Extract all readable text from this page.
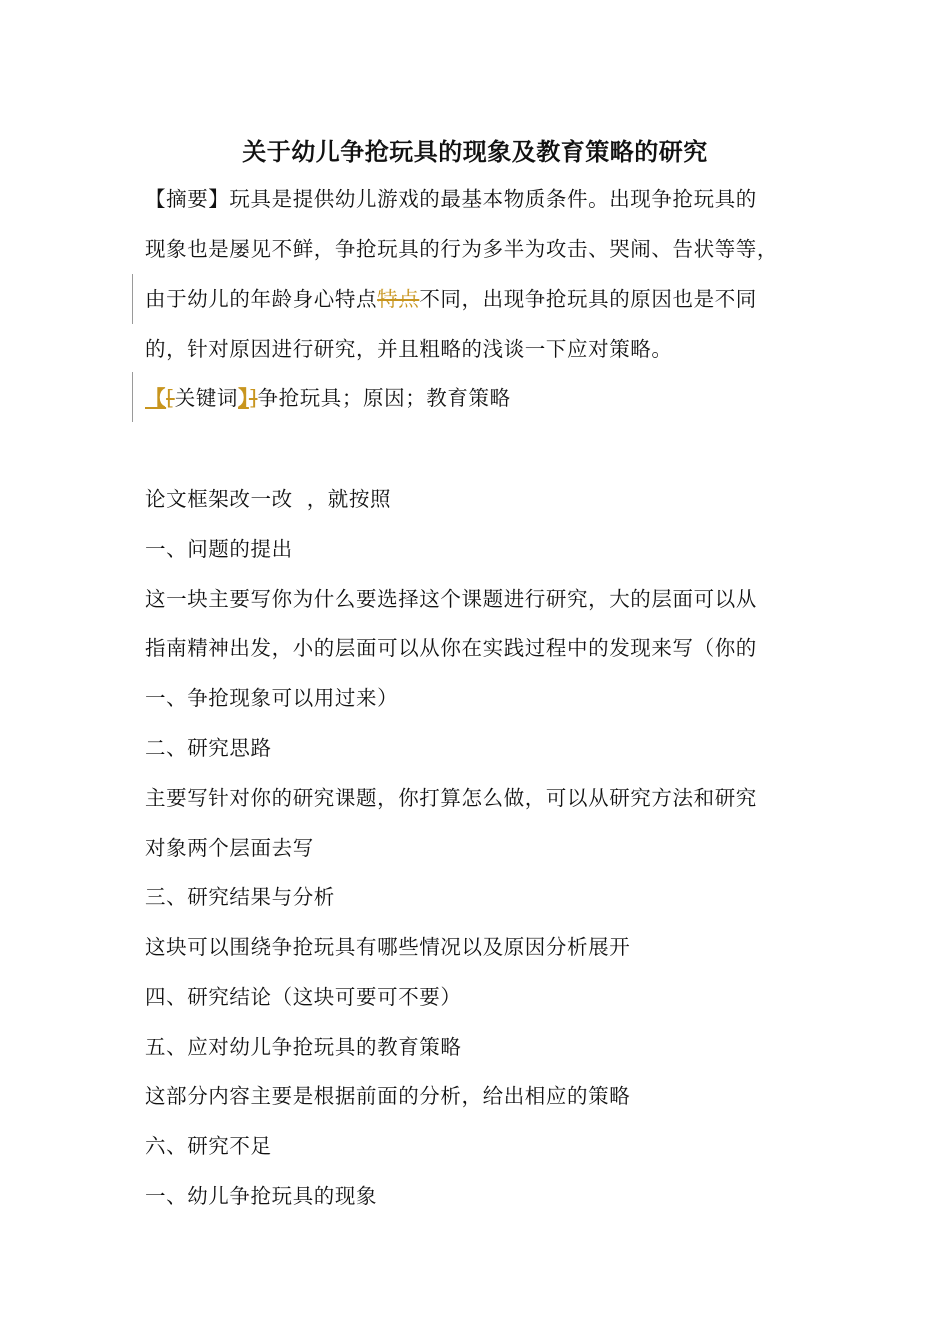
关于幼儿争抢玩具的现象及教育策略的研究
【摘要】玩具是提供幼儿游戏的最基本物质条件。出现争抢玩具的
现象也是屡见不鲜，争抢玩具的行为多半为攻击、哭闹、告状等等，
由于幼儿的年龄身心特点特点不同，出现争抢玩具的原因也是不同
的，针对原因进行研究，并且粗略的浅谈一下应对策略。
【[关键词】]争抢玩具；原因；教育策略
论文框架改一改 ，就按照
一、问题的提出
这一块主要写你为什么要选择这个课题进行研究，大的层面可以从
指南精神出发，小的层面可以从你在实践过程中的发现来写（你的
一、争抢现象可以用过来）
二、研究思路
主要写针对你的研究课题，你打算怎么做，可以从研究方法和研究
对象两个层面去写
三、研究结果与分析
这块可以围绕争抢玩具有哪些情况以及原因分析展开
四、研究结论（这块可要可不要）
五、应对幼儿争抢玩具的教育策略
这部分内容主要是根据前面的分析，给出相应的策略
六、研究不足
一、幼儿争抢玩具的现象
